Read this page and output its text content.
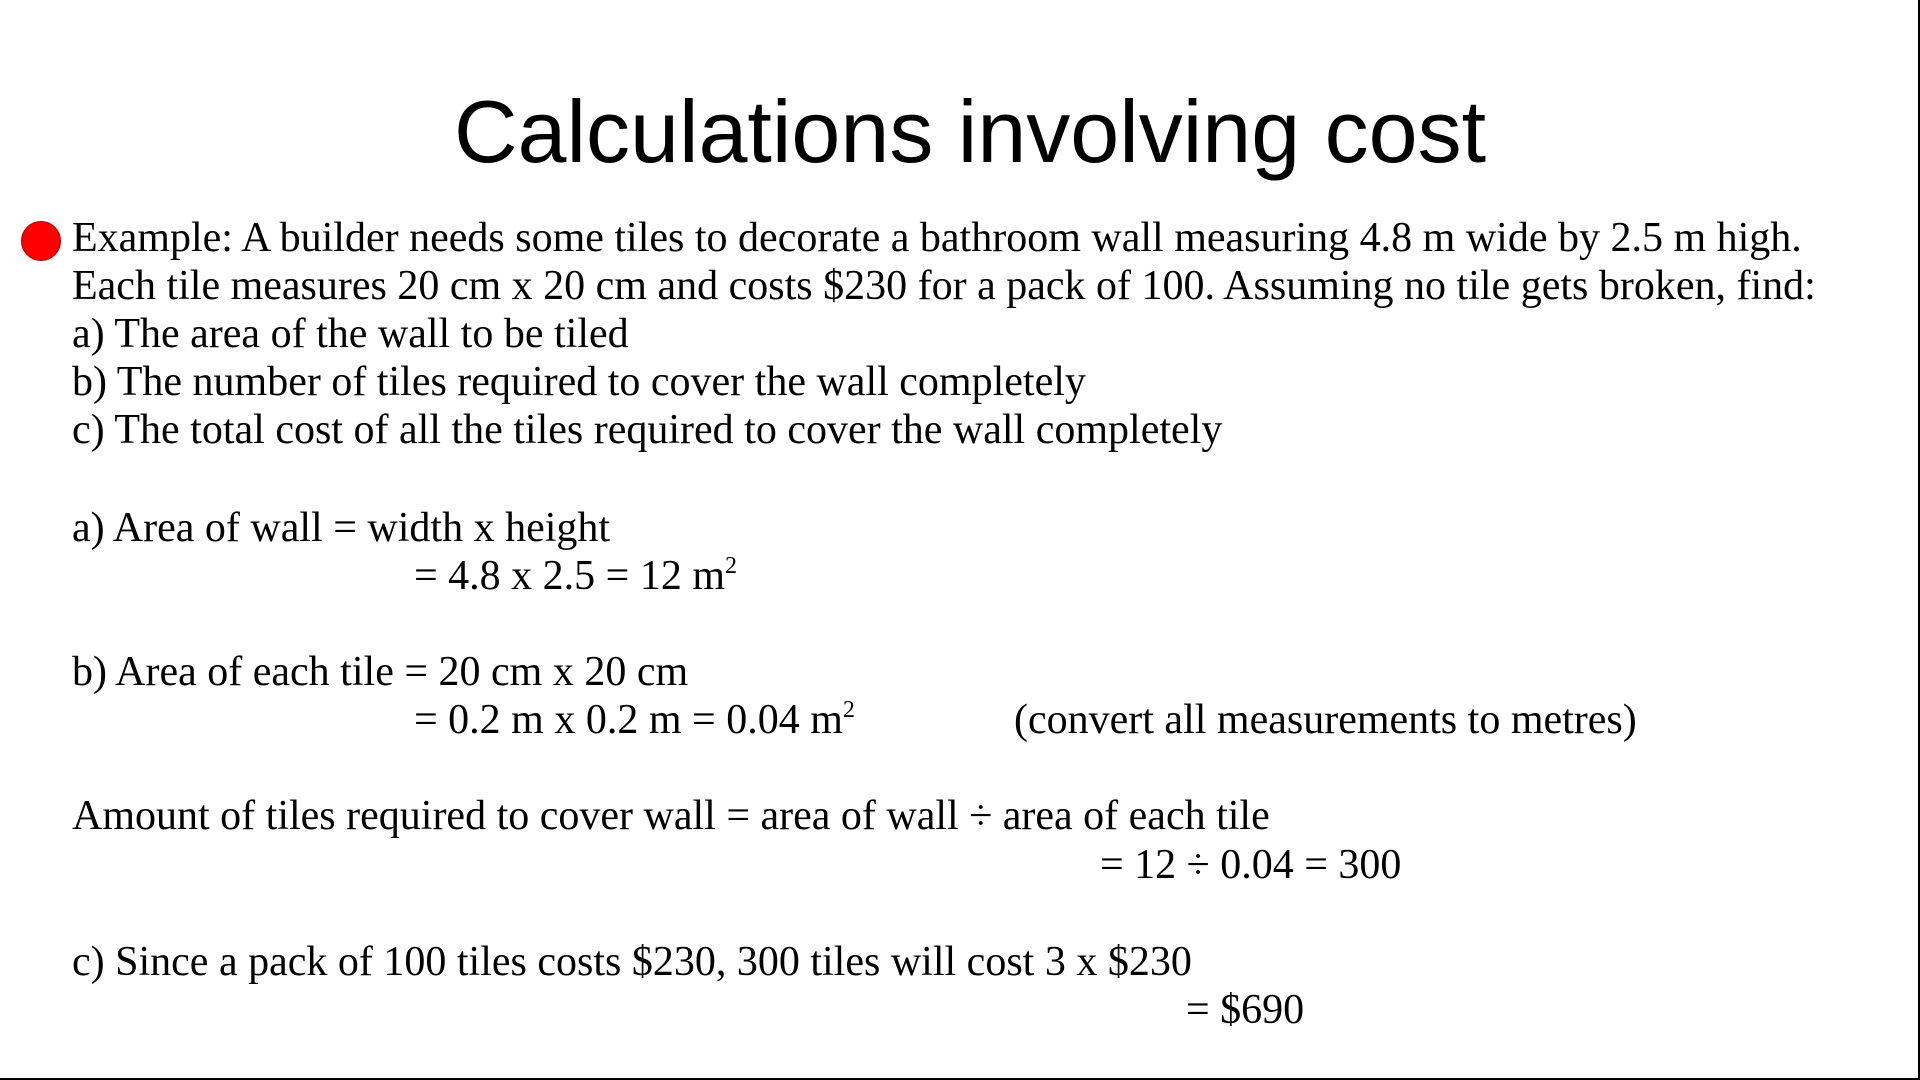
Calculations involving cost
Example: A builder needs some tiles to decorate a bathroom wall measuring 4.8 m wide by 2.5 m high.
Each tile measures 20 cm x 20 cm and costs $230 for a pack of 100. Assuming no tile gets broken, find:
a) The area of the wall to be tiled
b) The number of tiles required to cover the wall completely
c) The total cost of all the tiles required to cover the wall completely
a) Area of wall = width x height
= 4.8 x 2.5 = 12 $m^2$
b) Area of each tile = 20 cm x 20 cm
= 0.2 m x 0.2 m = 0.04 $m^2$	(convert all measurements to metres)
Amount of tiles required to cover wall = area of wall ÷ area of each tile
= 12 ÷ 0.04 = 300
c) Since a pack of 100 tiles costs $230, 300 tiles will cost 3 x $230
= $690
